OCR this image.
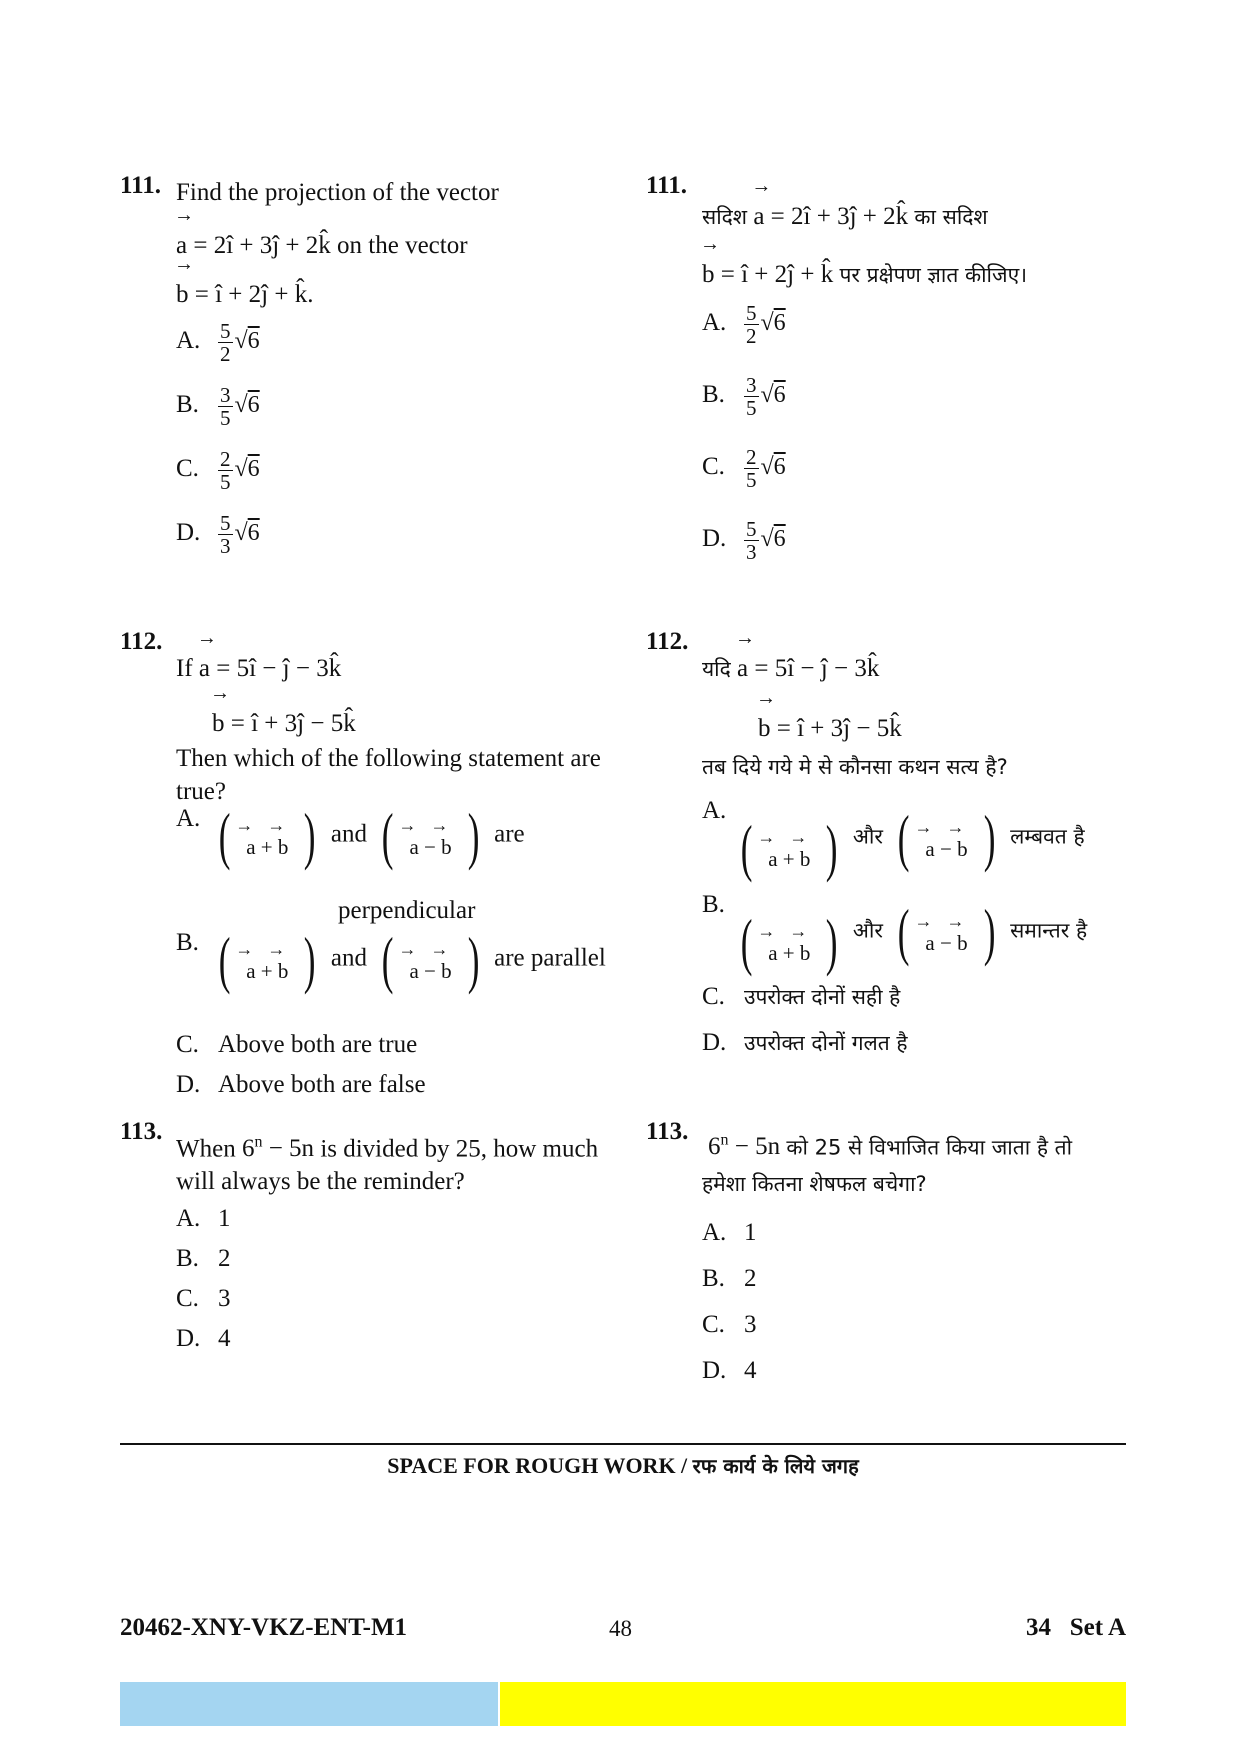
111. Find the projection of the vector
→
a = 2î + 3ĵ + 2k̂ on the vector
→
b = î + 2ĵ + k̂.
A. $\frac{5}{2} √6$
B. $\frac{3}{5} √6$
C. $\frac{2}{5} √6$
D. $\frac{5}{3} √6$
112.
If
→
a = 5î − ĵ − 3k̂
→
b = î + 3ĵ − 5k̂
Then which of the following statement are true?
A. ( →→
a + b ) and ( →→
a − b ) are
perpendicular
B. ( →→
a + b ) and ( →→
a − b ) are parallel
C. Above both are true
D. Above both are false
113.
When $6^n - 5n$ is divided by 25, how much will always be the reminder?
A. 1
B. 2
C. 3
D. 4
111.
सदिश
→
a = 2î + 3ĵ + 2k̂ का सदिश
→
b = î + 2ĵ + k̂ पर प्रक्षेपण ज्ञात कीजिए।
A. $\frac{5}{2} √6$
B. $\frac{3}{5} √6$
C. $\frac{2}{5} √6$
D. $\frac{5}{3} √6$
112.
यदि
→
a = 5î − ĵ − 3k̂
→
b = î + 3ĵ − 5k̂
तब दिये गये मे से कौनसा कथन सत्य है?
A.
( →→
a + b ) और ( →→
a − b ) लम्बवत है
B.
( →→
a + b ) और ( →→
a − b ) समान्तर है
C. उपरोक्त दोनों सही है
D. उपरोक्त दोनों गलत है
113.
$6^n - 5n$ को 25 से विभाजित किया जाता है तो
हमेशा कितना शेषफल बचेगा?
A. 1
B. 2
C. 3
D. 4
SPACE FOR ROUGH WORK / रफ कार्य के लिये जगह
20462-XNY-VKZ-ENT-M1	48	34   Set A
